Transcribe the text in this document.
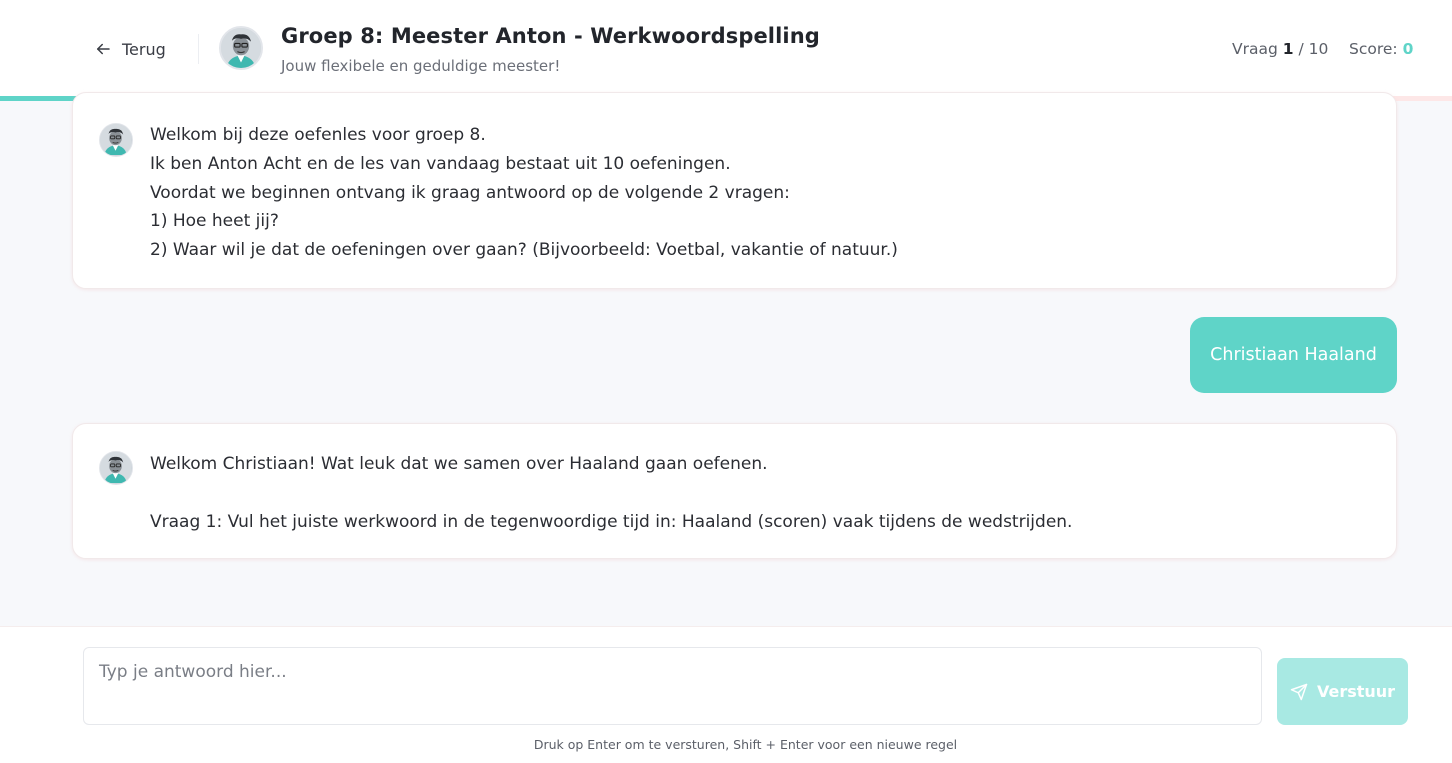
Terug
Groep 8: Meester Anton - Werkwoordspelling
Jouw flexibele en geduldige meester!
Vraag 1 / 10 Score: 0
Welkom bij deze oefenles voor groep 8.
Ik ben Anton Acht en de les van vandaag bestaat uit 10 oefeningen.
Voordat we beginnen ontvang ik graag antwoord op de volgende 2 vragen:
1) Hoe heet jij?
2) Waar wil je dat de oefeningen over gaan? (Bijvoorbeeld: Voetbal, vakantie of natuur.)
Christiaan Haaland
Welkom Christiaan! Wat leuk dat we samen over Haaland gaan oefenen.
Vraag 1: Vul het juiste werkwoord in de tegenwoordige tijd in: Haaland (scoren) vaak tijdens de wedstrijden.
Typ je antwoord hier...
Verstuur
Druk op Enter om te versturen, Shift + Enter voor een nieuwe regel
